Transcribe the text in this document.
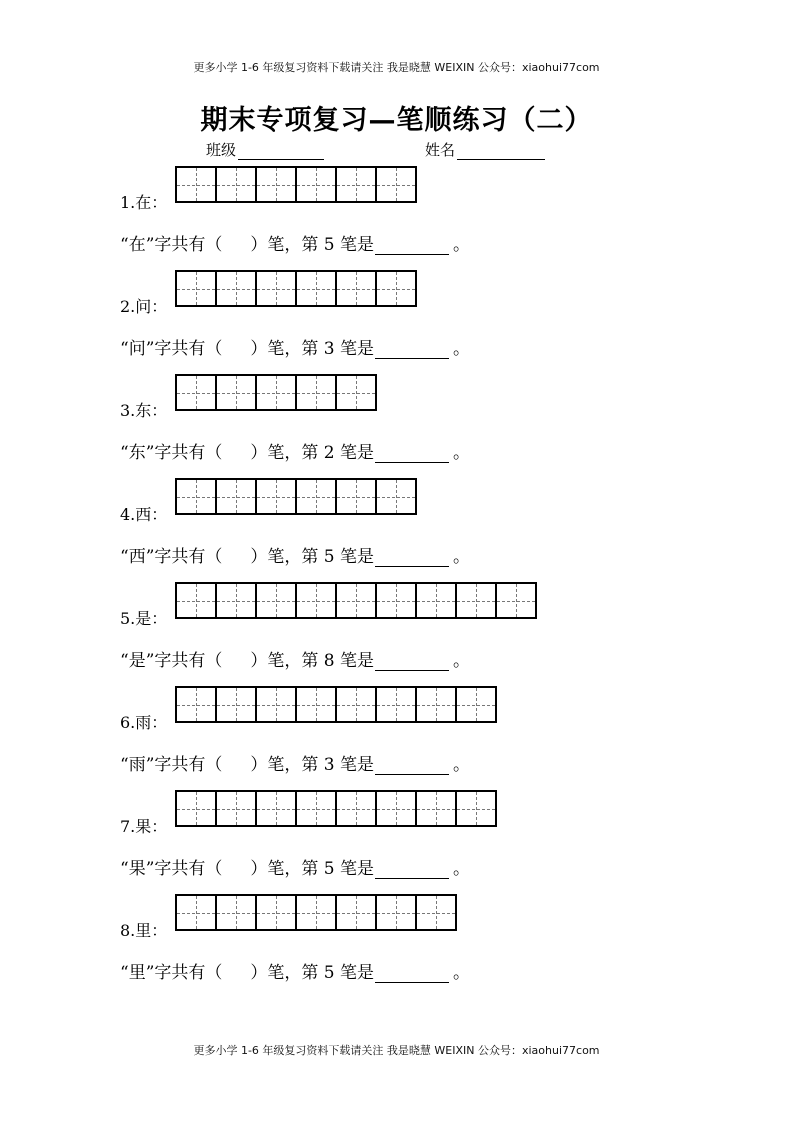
更多小学 1-6 年级复习资料下载请关注 我是晓慧 WEIXIN 公众号：xiaohui77com
期末专项复习—笔顺练习（二）
班级	姓名
1.在：
“在”字共有（ ）笔，第 5 笔是	。
2.问：
“问”字共有（ ）笔，第 3 笔是	。
3.东：
“东”字共有（ ）笔，第 2 笔是	。
4.西：
“西”字共有（ ）笔，第 5 笔是	。
5.是：
“是”字共有（ ）笔，第 8 笔是	。
6.雨：
“雨”字共有（ ）笔，第 3 笔是	。
7.果：
“果”字共有（ ）笔，第 5 笔是	。
8.里：
“里”字共有（ ）笔，第 5 笔是	。
更多小学 1-6 年级复习资料下载请关注 我是晓慧 WEIXIN 公众号：xiaohui77com
